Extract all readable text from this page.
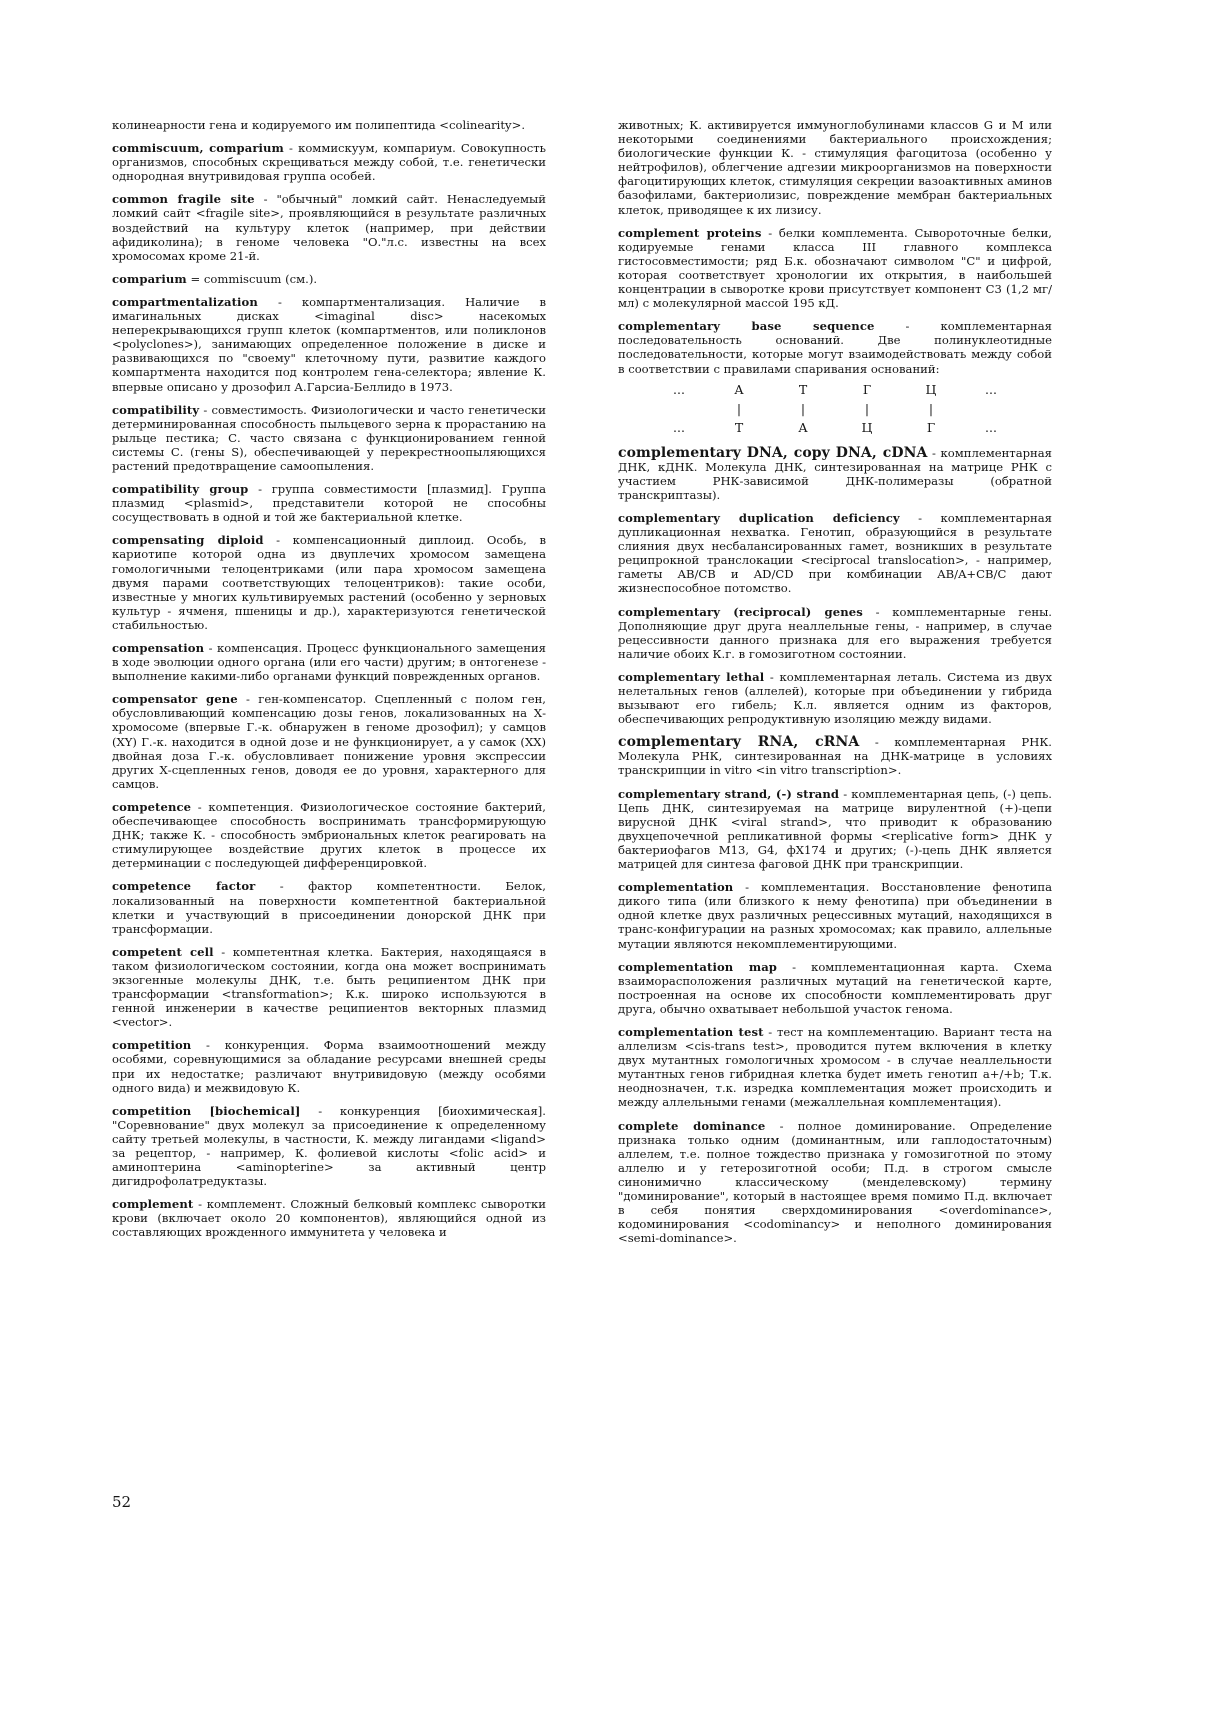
колинеарности гена и кодируемого им полипептида <colinearity>.

commiscuum, comparium - коммискуум, компариум. Совокупность организмов, способных скрещиваться между собой, т.е. генетически однородная внутривидовая группа особей.

common fragile site - "обычный" ломкий сайт. Ненаследуемый ломкий сайт <fragile site>, проявляющийся в результате различных воздействий на культуру клеток (например, при действии афидиколина); в геноме человека "О."л.с. известны на всех хромосомах кроме 21-й.

comparium = commiscuum (см.).

compartmentalization - компартментализация. Наличие в имагинальных дисках <imaginal disc> насекомых неперекрывающихся групп клеток (компартментов, или поликлонов <polyclones>), занимающих определенное положение в диске и развивающихся по "своему" клеточному пути, развитие каждого компартмента находится под контролем гена-селектора; явление К. впервые описано у дрозофил А.Гарсиа-Беллидо в 1973.

compatibility - совместимость. Физиологически и часто генетически детерминированная способность пыльцевого зерна к прорастанию на рыльце пестика; С. часто связана с функционированием генной системы С. (гены S), обеспечивающей у перекрестноопыляющихся растений предотвращение самоопыления.

compatibility group - группа совместимости [плазмид]. Группа плазмид <plasmid>, представители которой не способны сосуществовать в одной и той же бактериальной клетке.

compensating diploid - компенсационный диплоид. Особь, в кариотипе которой одна из двуплечих хромосом замещена гомологичными телоцентриками (или пара хромосом замещена двумя парами соответствующих телоцентриков): такие особи, известные у многих культивируемых растений (особенно у зерновых культур - ячменя, пшеницы и др.), характеризуются генетической стабильностью.

compensation - компенсация. Процесс функционального замещения в ходе эволюции одного органа (или его части) другим; в онтогенезе - выполнение какими-либо органами функций поврежденных органов.

compensator gene - ген-компенсатор. Сцепленный с полом ген, обусловливающий компенсацию дозы генов, локализованных на Х-хромосоме (впервые Г.-к. обнаружен в геноме дрозофил); у самцов (XY) Г.-к. находится в одной дозе и не функционирует, а у самок (XX) двойная доза Г.-к. обусловливает понижение уровня экспрессии других Х-сцепленных генов, доводя ее до уровня, характерного для самцов.

competence - компетенция. Физиологическое состояние бактерий, обеспечивающее способность воспринимать трансформирующую ДНК; также К. - способность эмбриональных клеток реагировать на стимулирующее воздействие других клеток в процессе их детерминации с последующей дифференцировкой.

competence factor - фактор компетентности. Белок, локализованный на поверхности компетентной бактериальной клетки и участвующий в присоединении донорской ДНК при трансформации.

competent cell - компетентная клетка. Бактерия, находящаяся в таком физиологическом состоянии, когда она может воспринимать экзогенные молекулы ДНК, т.е. быть реципиентом ДНК при трансформации <transformation>; К.к. широко используются в генной инженерии в качестве реципиентов векторных плазмид <vector>.

competition - конкуренция. Форма взаимоотношений между особями, соревнующимися за обладание ресурсами внешней среды при их недостатке; различают внутривидовую (между особями одного вида) и межвидовую К.

competition [biochemical] - конкуренция [биохимическая]. "Соревнование" двух молекул за присоединение к определенному сайту третьей молекулы, в частности, К. между лигандами <ligand> за рецептор, - например, К. фолиевой кислоты <folic acid> и аминоптерина <aminopterine> за активный центр дигидрофолатредуктазы.

complement - комплемент. Сложный белковый комплекс сыворотки крови (включает около 20 компонентов), являющийся одной из составляющих врожденного иммунитета у человека и

животных; К. активируется иммуноглобулинами классов G и M или некоторыми соединениями бактериального происхождения; биологические функции К. - стимуляция фагоцитоза (особенно у нейтрофилов), облегчение адгезии микроорганизмов на поверхности фагоцитирующих клеток, стимуляция секреции вазоактивных аминов базофилами, бактериолизис, повреждение мембран бактериальных клеток, приводящее к их лизису.

complement proteins - белки комплемента. Сывороточные белки, кодируемые генами класса III главного комплекса гистосовместимости; ряд Б.к. обозначают символом "С" и цифрой, которая соответствует хронологии их открытия, в наибольшей концентрации в сыворотке крови присутствует компонент С3 (1,2 мг/мл) с молекулярной массой 195 кД.

complementary base sequence - комплементарная последовательность оснований. Две полинуклеотидные последовательности, которые могут взаимодействовать между собой в соответствии с правилами спаривания оснований:

...	А	Т	Г	Ц	...
|	|	|	|
...	Т	А	Ц	Г	...

complementary DNA, copy DNA, cDNA - комплементарная ДНК, кДНК. Молекула ДНК, синтезированная на матрице РНК с участием РНК-зависимой ДНК-полимеразы (обратной транскриптазы).

complementary duplication deficiency - комплементарная дупликационная нехватка. Генотип, образующийся в результате слияния двух несбалансированных гамет, возникших в результате реципрокной транслокации <reciprocal translocation>, - например, гаметы AB/CB и AD/CD при комбинации AB/A+CB/C дают жизнеспособное потомство.

complementary (reciprocal) genes - комплементарные гены. Дополняющие друг друга неаллельные гены, - например, в случае рецессивности данного признака для его выражения требуется наличие обоих К.г. в гомозиготном состоянии.

complementary lethal - комплементарная леталь. Система из двух нелетальных генов (аллелей), которые при объединении у гибрида вызывают его гибель; К.л. является одним из факторов, обеспечивающих репродуктивную изоляцию между видами.

complementary RNA, cRNA - комплементарная РНК. Молекула РНК, синтезированная на ДНК-матрице в условиях транскрипции in vitro <in vitro transcription>.

complementary strand, (-) strand - комплементарная цепь, (-) цепь. Цепь ДНК, синтезируемая на матрице вирулентной (+)-цепи вирусной ДНК <viral strand>, что приводит к образованию двухцепочечной репликативной формы <replicative form> ДНК у бактериофагов М13, G4, фХ174 и других; (-)-цепь ДНК является матрицей для синтеза фаговой ДНК при транскрипции.

complementation - комплементация. Восстановление фенотипа дикого типа (или близкого к нему фенотипа) при объединении в одной клетке двух различных рецессивных мутаций, находящихся в транс-конфигурации на разных хромосомах; как правило, аллельные мутации являются некомплементирующими.

complementation map - комплементационная карта. Схема взаиморасположения различных мутаций на генетической карте, построенная на основе их способности комплементировать друг друга, обычно охватывает небольшой участок генома.

complementation test - тест на комплементацию. Вариант теста на аллелизм <cis-trans test>, проводится путем включения в клетку двух мутантных гомологичных хромосом - в случае неаллельности мутантных генов гибридная клетка будет иметь генотип a+/+b; Т.к. неоднозначен, т.к. изредка комплементация может происходить и между аллельными генами (межаллельная комплементация).

complete dominance - полное доминирование. Определение признака только одним (доминантным, или гаплодостаточным) аллелем, т.е. полное тождество признака у гомозиготной по этому аллелю и у гетерозиготной особи; П.д. в строгом смысле синонимично классическому (менделевскому) термину "доминирование", который в настоящее время помимо П.д. включает в себя понятия сверхдоминирования <overdominance>, кодоминирования <codominancy> и неполного доминирования <semi-dominance>.

52
